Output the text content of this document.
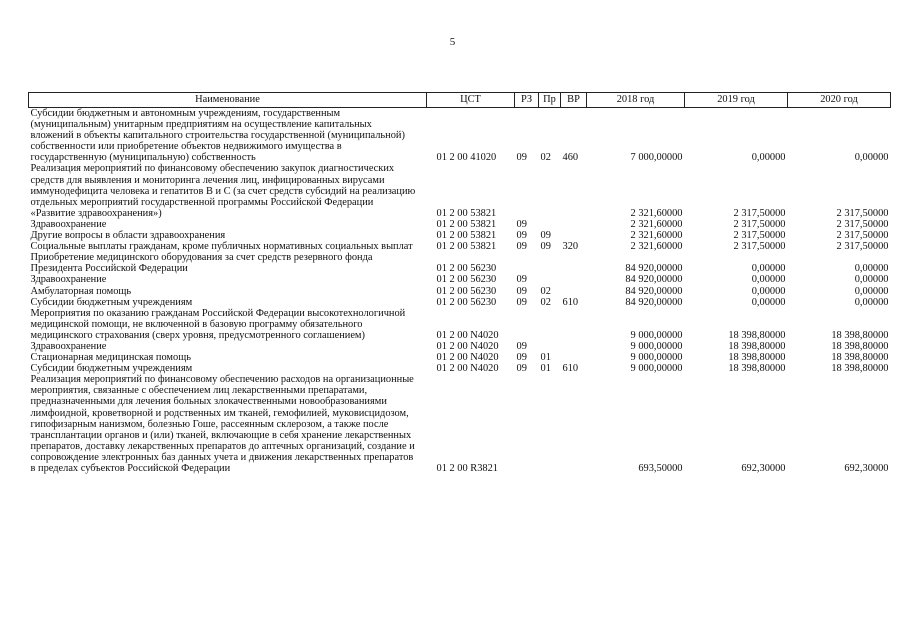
5
Наименование	ЦСТ	РЗ	Пр	ВР	2018 год	2019 год	2020 год
Субсидии бюджетным и автономным учреждениям, государственным (муниципальным) унитарным предприятиям на осуществление капитальных вложений в объекты капитального строительства государственной (муниципальной) собственности или приобретение объектов недвижимого имущества в государственную (муниципальную) собственность	01 2 00 41020	09	02	460	7 000,00000	0,00000	0,00000
Реализация мероприятий по финансовому обеспечению закупок диагностических средств для выявления и мониторинга лечения лиц, инфицированных вирусами иммунодефицита человека и гепатитов B и C (за счет средств субсидий на реализацию отдельных мероприятий государственной программы Российской Федерации «Развитие здравоохранения»)	01 2 00 53821				2 321,60000	2 317,50000	2 317,50000
Здравоохранение	01 2 00 53821	09			2 321,60000	2 317,50000	2 317,50000
Другие вопросы в области здравоохранения	01 2 00 53821	09	09		2 321,60000	2 317,50000	2 317,50000
Социальные выплаты гражданам, кроме публичных нормативных социальных выплат	01 2 00 53821	09	09	320	2 321,60000	2 317,50000	2 317,50000
Приобретение медицинского оборудования за счет средств резервного фонда Президента Российской Федерации	01 2 00 56230				84 920,00000	0,00000	0,00000
Здравоохранение	01 2 00 56230	09			84 920,00000	0,00000	0,00000
Амбулаторная помощь	01 2 00 56230	09	02		84 920,00000	0,00000	0,00000
Субсидии бюджетным учреждениям	01 2 00 56230	09	02	610	84 920,00000	0,00000	0,00000
Мероприятия по оказанию гражданам Российской Федерации высокотехнологичной медицинской помощи, не включенной в базовую программу обязательного медицинского страхования (сверх уровня, предусмотренного соглашением)	01 2 00 N4020				9 000,00000	18 398,80000	18 398,80000
Здравоохранение	01 2 00 N4020	09			9 000,00000	18 398,80000	18 398,80000
Стационарная медицинская помощь	01 2 00 N4020	09	01		9 000,00000	18 398,80000	18 398,80000
Субсидии бюджетным учреждениям	01 2 00 N4020	09	01	610	9 000,00000	18 398,80000	18 398,80000
Реализация мероприятий по финансовому обеспечению расходов на организационные мероприятия, связанные с обеспечением лиц лекарственными препаратами, предназначенными для лечения больных злокачественными новообразованиями лимфоидной, кроветворной и родственных им тканей, гемофилией, муковисцидозом, гипофизарным нанизмом, болезнью Гоше, рассеянным склерозом, а также после трансплантации органов и (или) тканей, включающие в себя хранение лекарственных препаратов, доставку лекарственных препаратов до аптечных организаций, создание и сопровождение электронных баз данных учета и движения лекарственных препаратов в пределах субъектов Российской Федерации	01 2 00 R3821				693,50000	692,30000	692,30000
